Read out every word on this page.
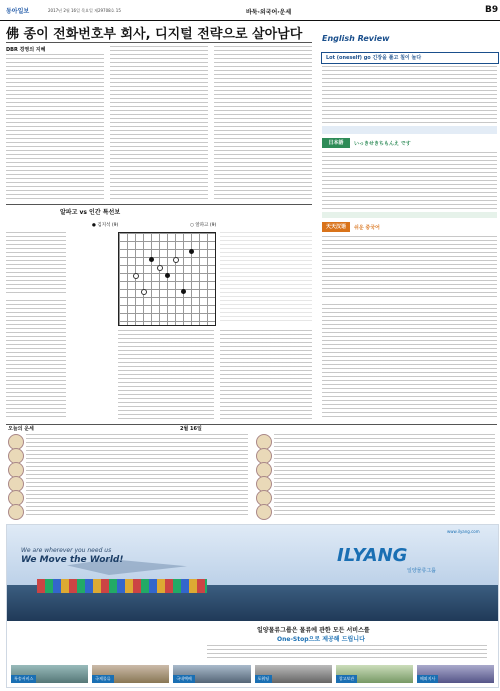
동아일보	2017년 2월 16일 목요일 제29708호 15	바둑·외국어·운세	B9
佛 종이 전화번호부 회사, 디지털 전략으로 살아남다
DBR 경영의 지혜
English Review
Lot (oneself) go 긴장을 풀고 칠이 놀다
日本語	いっきせきちもんえ です
天天汉语	쉬운 중국어
알파고 vs 인간 특선보
● 김지석 (9)	○ 알파고 (9)
오늘의 운세	2월 16일
We are wherever you need us
We Move the World!
www.ilyang.com
ILYANG
일양물류그룹
일양물류그룹은 물류에 관한 모든 서비스를
One-Stop으로 제공해 드립니다
특송서비스	국제물류	국내택배	포워딩	창고보관	해외지사
